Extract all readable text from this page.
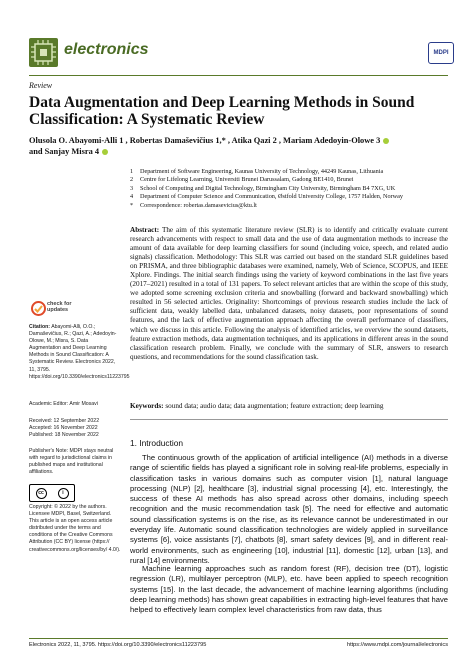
electronics	MDPI
Review
Data Augmentation and Deep Learning Methods in Sound Classification: A Systematic Review
Olusola O. Abayomi-Alli 1 , Robertas Damaševičius 1,* , Atika Qazi 2 , Mariam Adedoyin-Olowe 3
and Sanjay Misra 4
1	Department of Software Engineering, Kaunas University of Technology, 44249 Kaunas, Lithuania
2	Centre for Lifelong Learning, Universiti Brunei Darussalam, Gadong BE1410, Brunei
3	School of Computing and Digital Technology, Birmingham City University, Birmingham B4 7XG, UK
4	Department of Computer Science and Communication, Østfold University College, 1757 Halden, Norway
*	Correspondence: robertas.damasevicius@ktu.lt
Abstract: The aim of this systematic literature review (SLR) is to identify and critically evaluate current research advancements with respect to small data and the use of data augmentation methods to increase the amount of data available for deep learning classifiers for sound (including voice, speech, and related audio signals) classification. Methodology: This SLR was carried out based on the standard SLR guidelines based on PRISMA, and three bibliographic databases were examined, namely, Web of Science, SCOPUS, and IEEE Xplore. Findings. The initial search findings using the variety of keyword combinations in the last five years (2017–2021) resulted in a total of 131 papers. To select relevant articles that are within the scope of this study, we adopted some screening exclusion criteria and snowballing (forward and backward snowballing) which resulted in 56 selected articles. Originality: Shortcomings of previous research studies include the lack of sufficient data, weakly labelled data, unbalanced datasets, noisy datasets, poor representations of sound features, and the lack of effective augmentation approach affecting the overall performance of classifiers, which we discuss in this article. Following the analysis of identified articles, we overview the sound datasets, feature extraction methods, data augmentation techniques, and its applications in different areas in the sound classification research problem. Finally, we conclude with the summary of SLR, answers to research questions, and recommendations for the sound classification task.
Keywords: sound data; audio data; data augmentation; feature extraction; deep learning
check for
updates
Citation: Abayomi-Alli, O.O.; Damaševičius, R.; Qazi, A.; Adedoyin-Olowe, M.; Misra, S. Data Augmentation and Deep Learning Methods in Sound Classification: A Systematic Review. Electronics 2022, 11, 3795. https://doi.org/10.3390/electronics11223795
Academic Editor: Amir Mosavi
Received: 12 September 2022
Accepted: 16 November 2022
Published: 18 November 2022
Publisher's Note: MDPI stays neutral with regard to jurisdictional claims in published maps and institutional affiliations.
cc	i
Copyright: © 2022 by the authors. Licensee MDPI, Basel, Switzerland. This article is an open access article distributed under the terms and conditions of the Creative Commons Attribution (CC BY) license (https:// creativecommons.org/licenses/by/ 4.0/).
1. Introduction
The continuous growth of the application of artificial intelligence (AI) methods in a diverse range of scientific fields has played a significant role in solving real-life problems, especially in classification tasks in various domains such as computer vision [1], natural language processing (NLP) [2], healthcare [3], industrial signal processing [4], etc. Interestingly, the success of these AI methods has also spread across other domains, including speech recognition and the music recommendation task [5]. The need for effective and automatic sound classification systems is on the rise, as its relevance cannot be underestimated in our everyday life. Automatic sound classification technologies are widely applied in surveillance systems [6], voice assistants [7], chatbots [8], smart safety devices [9], and in different real-world environments, such as engineering [10], industrial [11], domestic [12], urban [13], and rural [14] environments.
Machine learning approaches such as random forest (RF), decision tree (DT), logistic regression (LR), multilayer perceptron (MLP), etc. have been applied to speech recognition systems [15]. In the last decade, the advancement of machine learning algorithms (including deep learning methods) has shown great capabilities in extracting high-level features that have helped to effectively learn complex level characteristics from raw data, thus
Electronics 2022, 11, 3795. https://doi.org/10.3390/electronics11223795	https://www.mdpi.com/journal/electronics
